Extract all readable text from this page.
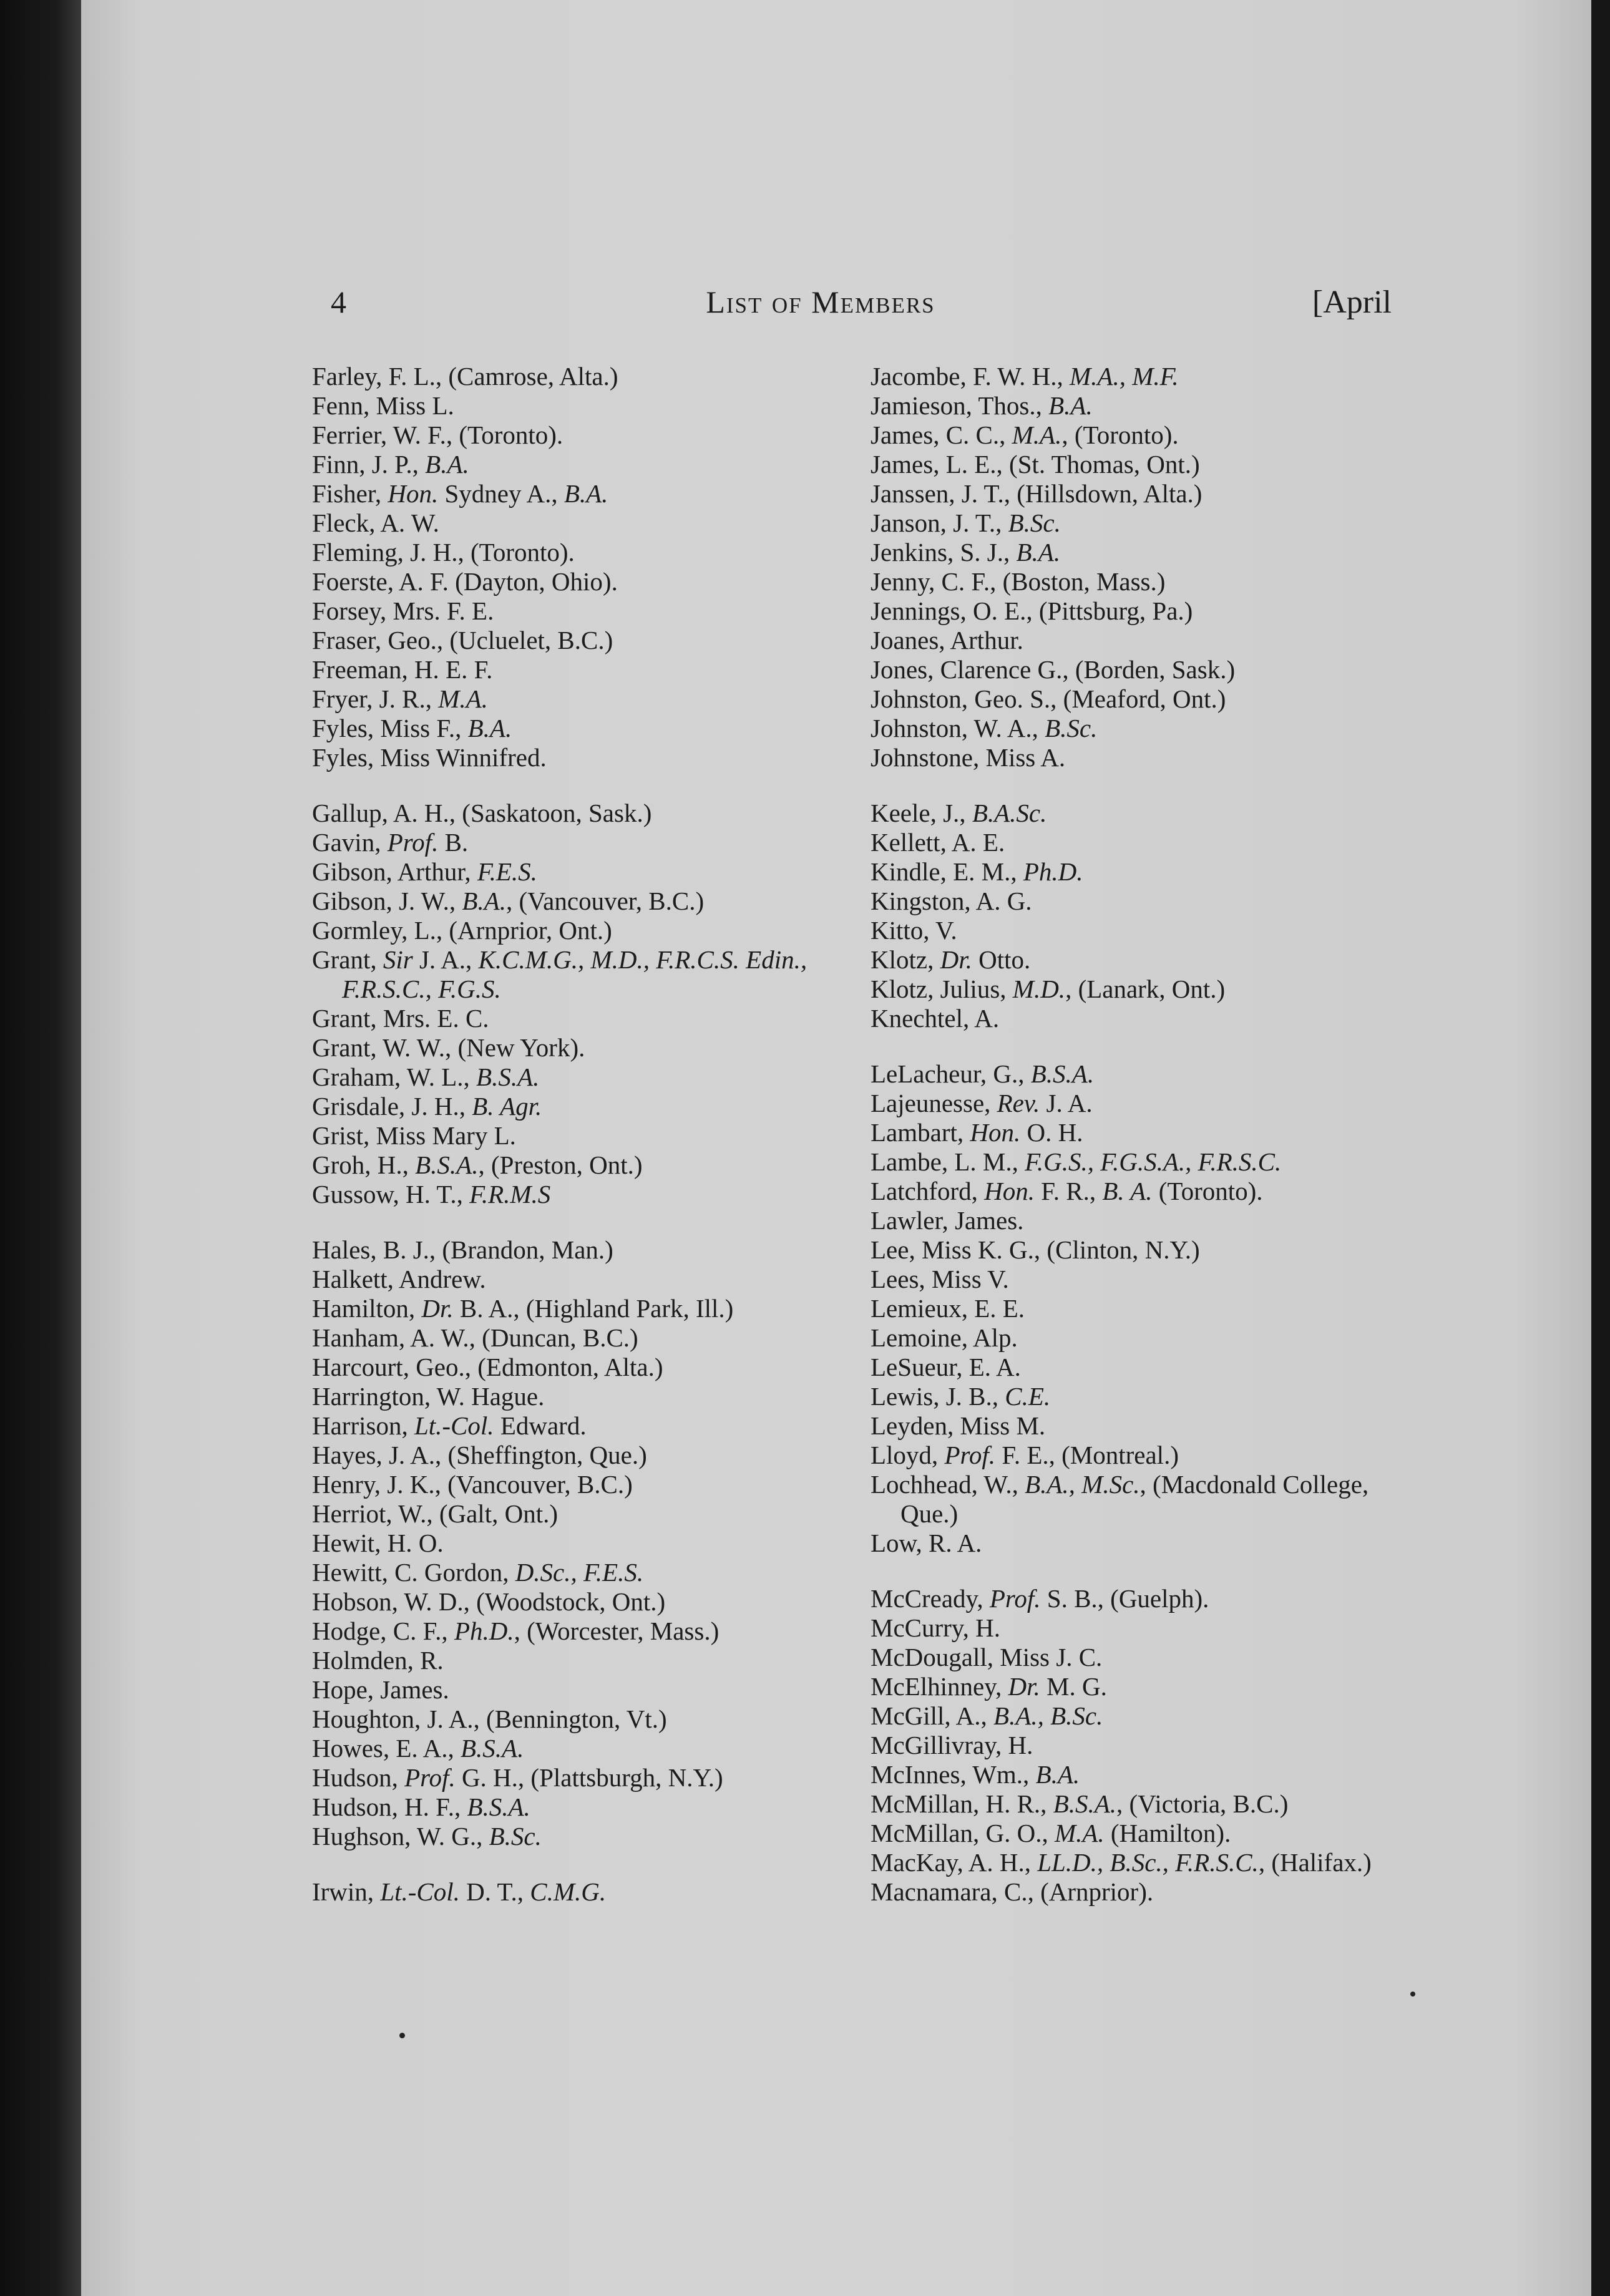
4	List of Members	[April
Farley, F. L., (Camrose, Alta.)
Fenn, Miss L.
Ferrier, W. F., (Toronto).
Finn, J. P., B.A.
Fisher, Hon. Sydney A., B.A.
Fleck, A. W.
Fleming, J. H., (Toronto).
Foerste, A. F. (Dayton, Ohio).
Forsey, Mrs. F. E.
Fraser, Geo., (Ucluelet, B.C.)
Freeman, H. E. F.
Fryer, J. R., M.A.
Fyles, Miss F., B.A.
Fyles, Miss Winnifred.
Gallup, A. H., (Saskatoon, Sask.)
Gavin, Prof. B.
Gibson, Arthur, F.E.S.
Gibson, J. W., B.A., (Vancouver, B.C.)
Gormley, L., (Arnprior, Ont.)
Grant, Sir J. A., K.C.M.G., M.D., F.R.C.S. Edin., F.R.S.C., F.G.S.
Grant, Mrs. E. C.
Grant, W. W., (New York).
Graham, W. L., B.S.A.
Grisdale, J. H., B. Agr.
Grist, Miss Mary L.
Groh, H., B.S.A., (Preston, Ont.)
Gussow, H. T., F.R.M.S
Hales, B. J., (Brandon, Man.)
Halkett, Andrew.
Hamilton, Dr. B. A., (Highland Park, Ill.)
Hanham, A. W., (Duncan, B.C.)
Harcourt, Geo., (Edmonton, Alta.)
Harrington, W. Hague.
Harrison, Lt.-Col. Edward.
Hayes, J. A., (Sheffington, Que.)
Henry, J. K., (Vancouver, B.C.)
Herriot, W., (Galt, Ont.)
Hewit, H. O.
Hewitt, C. Gordon, D.Sc., F.E.S.
Hobson, W. D., (Woodstock, Ont.)
Hodge, C. F., Ph.D., (Worcester, Mass.)
Holmden, R.
Hope, James.
Houghton, J. A., (Bennington, Vt.)
Howes, E. A., B.S.A.
Hudson, Prof. G. H., (Plattsburgh, N.Y.)
Hudson, H. F., B.S.A.
Hughson, W. G., B.Sc.
Irwin, Lt.-Col. D. T., C.M.G.
Jacombe, F. W. H., M.A., M.F.
Jamieson, Thos., B.A.
James, C. C., M.A., (Toronto).
James, L. E., (St. Thomas, Ont.)
Janssen, J. T., (Hillsdown, Alta.)
Janson, J. T., B.Sc.
Jenkins, S. J., B.A.
Jenny, C. F., (Boston, Mass.)
Jennings, O. E., (Pittsburg, Pa.)
Joanes, Arthur.
Jones, Clarence G., (Borden, Sask.)
Johnston, Geo. S., (Meaford, Ont.)
Johnston, W. A., B.Sc.
Johnstone, Miss A.
Keele, J., B.A.Sc.
Kellett, A. E.
Kindle, E. M., Ph.D.
Kingston, A. G.
Kitto, V.
Klotz, Dr. Otto.
Klotz, Julius, M.D., (Lanark, Ont.)
Knechtel, A.
LeLacheur, G., B.S.A.
Lajeunesse, Rev. J. A.
Lambart, Hon. O. H.
Lambe, L. M., F.G.S., F.G.S.A., F.R.S.C.
Latchford, Hon. F. R., B. A. (Toronto).
Lawler, James.
Lee, Miss K. G., (Clinton, N.Y.)
Lees, Miss V.
Lemieux, E. E.
Lemoine, Alp.
LeSueur, E. A.
Lewis, J. B., C.E.
Leyden, Miss M.
Lloyd, Prof. F. E., (Montreal.)
Lochhead, W., B.A., M.Sc., (Macdonald College, Que.)
Low, R. A.
McCready, Prof. S. B., (Guelph).
McCurry, H.
McDougall, Miss J. C.
McElhinney, Dr. M. G.
McGill, A., B.A., B.Sc.
McGillivray, H.
McInnes, Wm., B.A.
McMillan, H. R., B.S.A., (Victoria, B.C.)
McMillan, G. O., M.A. (Hamilton).
MacKay, A. H., LL.D., B.Sc., F.R.S.C., (Halifax.)
Macnamara, C., (Arnprior).
